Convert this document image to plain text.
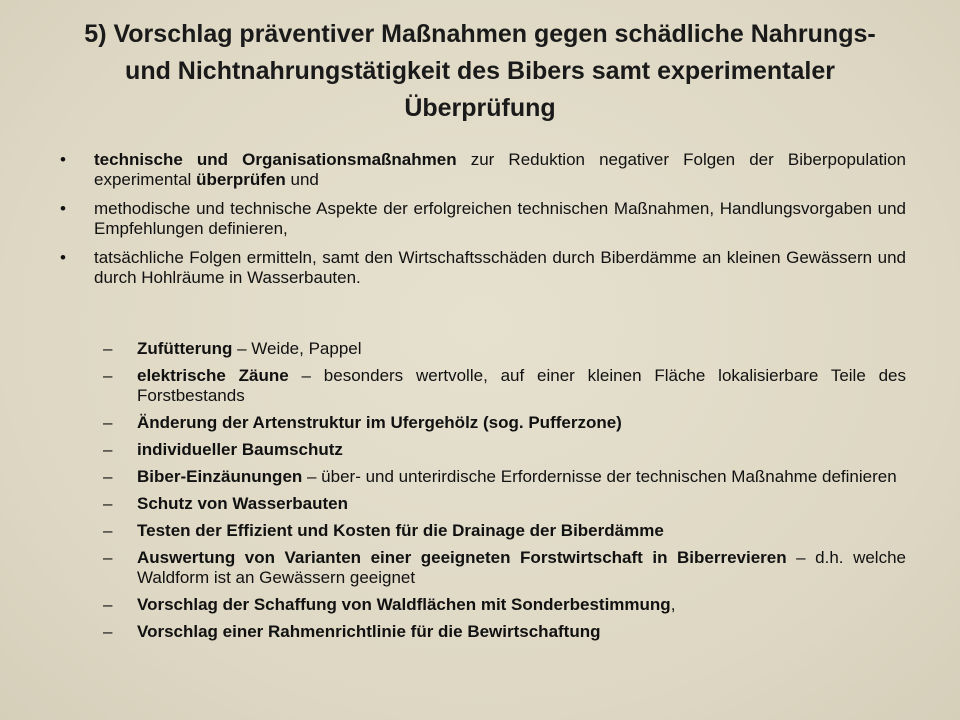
5) Vorschlag präventiver Maßnahmen gegen schädliche Nahrungs-
und Nichtnahrungstätigkeit des Bibers samt experimentaler
Überprüfung
• technische und Organisationsmaßnahmen zur Reduktion negativer Folgen der Biberpopulation experimental überprüfen und
• methodische und technische Aspekte der erfolgreichen technischen Maßnahmen, Handlungsvorgaben und Empfehlungen definieren,
• tatsächliche Folgen ermitteln, samt den Wirtschaftsschäden durch Biberdämme an kleinen Gewässern und durch Hohlräume in Wasserbauten.
– Zufütterung – Weide, Pappel
– elektrische Zäune – besonders wertvolle, auf einer kleinen Fläche lokalisierbare Teile des Forstbestands
– Änderung der Artenstruktur im Ufergehölz (sog. Pufferzone)
– individueller Baumschutz
– Biber-Einzäunungen – über- und unterirdische Erfordernisse der technischen Maßnahme definieren
– Schutz von Wasserbauten
– Testen der Effizient und Kosten für die Drainage der Biberdämme
– Auswertung von Varianten einer geeigneten Forstwirtschaft in Biberrevieren – d.h. welche Waldform ist an Gewässern geeignet
– Vorschlag der Schaffung von Waldflächen mit Sonderbestimmung,
– Vorschlag einer Rahmenrichtlinie für die Bewirtschaftung
